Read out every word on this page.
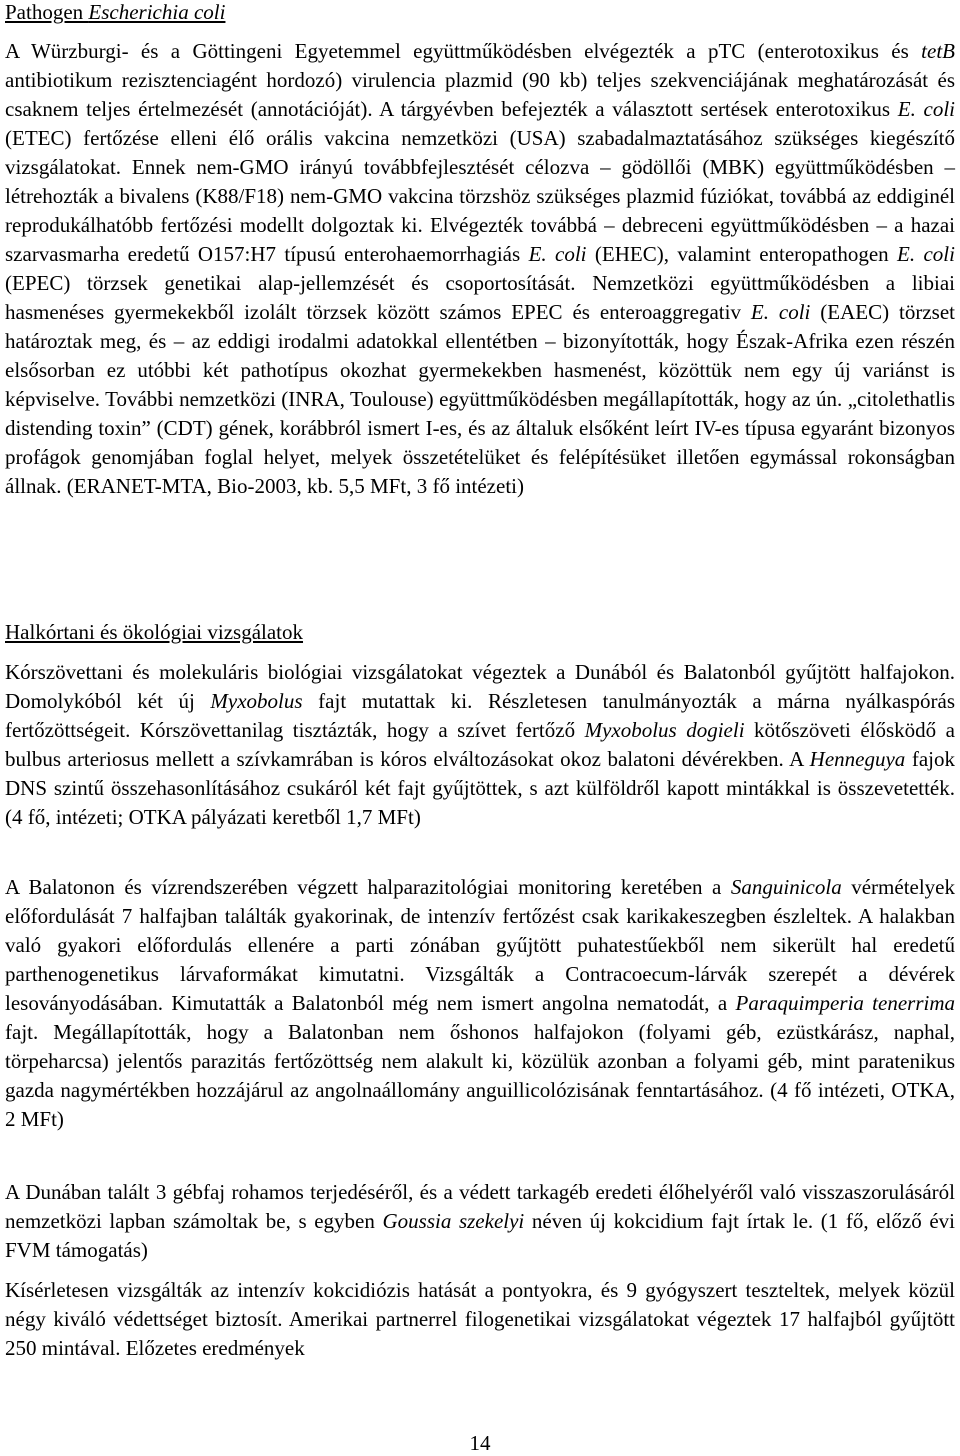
Pathogen Escherichia coli

A Würzburgi- és a Göttingeni Egyetemmel együttműködésben elvégezték a pTC (enterotoxikus és tetB antibiotikum rezisztenciagént hordozó) virulencia plazmid (90 kb) teljes szekvenciájának meghatározását és csaknem teljes értelmezését (annotációját). A tárgyévben befejezték a választott sertések enterotoxikus E. coli (ETEC) fertőzése elleni élő orális vakcina nemzetközi (USA) szabadalmaztatásához szükséges kiegészítő vizsgálatokat. Ennek nem-GMO irányú továbbfejlesztését célozva – gödöllői (MBK) együttműködésben – létrehozták a bivalens (K88/F18) nem-GMO vakcina törzshöz szükséges plazmid fúziókat, továbbá az eddiginél reprodukálhatóbb fertőzési modellt dolgoztak ki. Elvégezték továbbá – debreceni együttműködésben – a hazai szarvasmarha eredetű O157:H7 típusú enterohaemorrhagiás E. coli (EHEC), valamint enteropathogen E. coli (EPEC) törzsek genetikai alap-jellemzését és csoportosítását. Nemzetközi együttműködésben a libiai hasmenéses gyermekekből izolált törzsek között számos EPEC és enteroaggregativ E. coli (EAEC) törzset határoztak meg, és – az eddigi irodalmi adatokkal ellentétben – bizonyították, hogy Észak-Afrika ezen részén elsősorban ez utóbbi két pathotípus okozhat gyermekekben hasmenést, közöttük nem egy új variánst is képviselve. További nemzetközi (INRA, Toulouse) együttműködésben megállapították, hogy az ún. „citolethatlis distending toxin” (CDT) gének, korábbról ismert I-es, és az általuk elsőként leírt IV-es típusa egyaránt bizonyos profágok genomjában foglal helyet, melyek összetételüket és felépítésüket illetően egymással rokonságban állnak. (ERANET-MTA, Bio-2003, kb. 5,5 MFt, 3 fő intézeti)

Halkórtani és ökológiai vizsgálatok

Kórszövettani és molekuláris biológiai vizsgálatokat végeztek a Dunából és Balatonból gyűjtött halfajokon. Domolykóból két új Myxobolus fajt mutattak ki. Részletesen tanulmányozták a márna nyálkaspórás fertőzöttségeit. Kórszövettanilag tisztázták, hogy a szívet fertőző Myxobolus dogieli kötőszöveti élősködő a bulbus arteriosus mellett a szívkamrában is kóros elváltozásokat okoz balatoni dévérekben. A Henneguya fajok DNS szintű összehasonlításához csukáról két fajt gyűjtöttek, s azt külföldről kapott mintákkal is összevetették. (4 fő, intézeti; OTKA pályázati keretből 1,7 MFt)

A Balatonon és vízrendszerében végzett halparazitológiai monitoring keretében a Sanguinicola vérmételyek előfordulását 7 halfajban találták gyakorinak, de intenzív fertőzést csak karikakeszegben észleltek. A halakban való gyakori előfordulás ellenére a parti zónában gyűjtött puhatestűekből nem sikerült hal eredetű parthenogenetikus lárvaformákat kimutatni. Vizsgálták a Contracoecum-lárvák szerepét a dévérek lesoványodásában. Kimutatták a Balatonból még nem ismert angolna nematodát, a Paraquimperia tenerrima fajt. Megállapították, hogy a Balatonban nem őshonos halfajokon (folyami géb, ezüstkárász, naphal, törpeharcsa) jelentős parazitás fertőzöttség nem alakult ki, közülük azonban a folyami géb, mint paratenikus gazda nagymértékben hozzájárul az angolnaállomány anguillicolózisának fenntartásához. (4 fő intézeti, OTKA, 2 MFt)

A Dunában talált 3 gébfaj rohamos terjedéséről, és a védett tarkagéb eredeti élőhelyéről való visszaszorulásáról nemzetközi lapban számoltak be, s egyben Goussia szekelyi néven új kokcidium fajt írtak le. (1 fő, előző évi FVM támogatás)

Kísérletesen vizsgálták az intenzív kokcidiózis hatását a pontyokra, és 9 gyógyszert teszteltek, melyek közül négy kiváló védettséget biztosít. Amerikai partnerrel filogenetikai vizsgálatokat végeztek 17 halfajból gyűjtött 250 mintával. Előzetes eredmények

14
